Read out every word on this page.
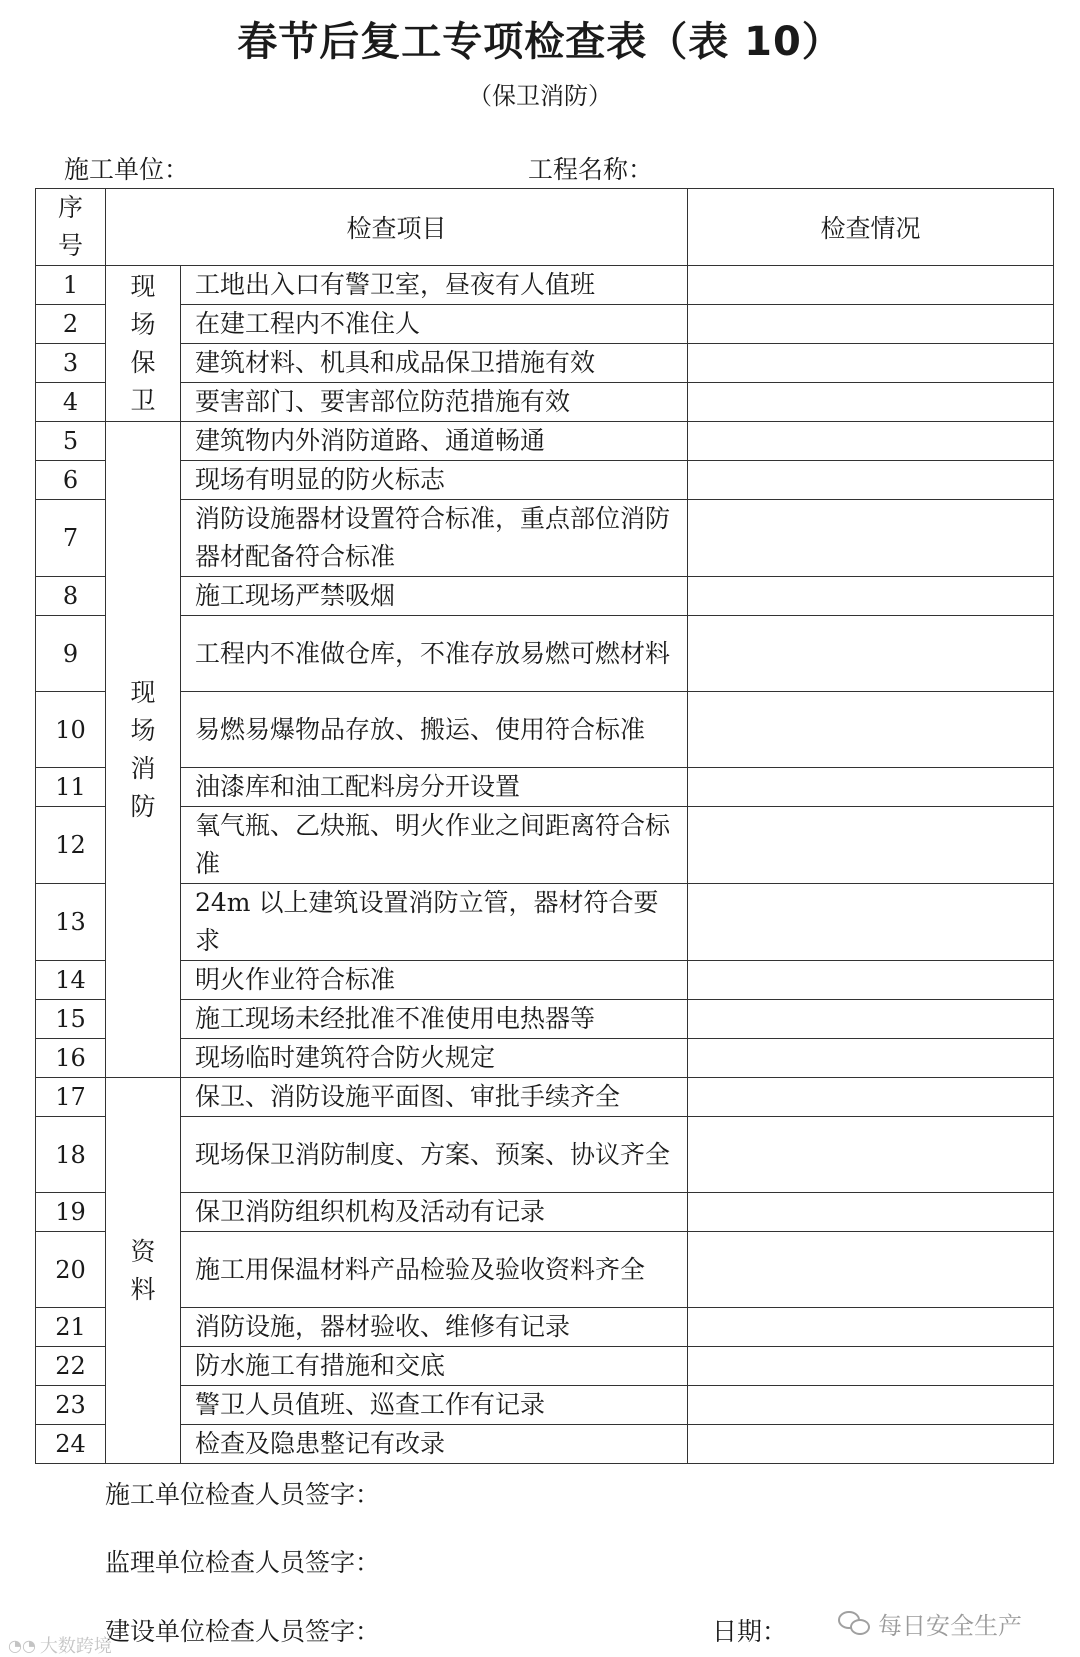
春节后复工专项检查表（表 10）
（保卫消防）
施工单位：	工程名称：
序号	检查项目		检查情况
1	现场保卫	工地出入口有警卫室，昼夜有人值班	
2		在建工程内不准住人	
3		建筑材料、机具和成品保卫措施有效	
4		要害部门、要害部位防范措施有效	
5	现场消防	建筑物内外消防道路、通道畅通	
6		现场有明显的防火标志	
7		消防设施器材设置符合标准，重点部位消防器材配备符合标准	
8		施工现场严禁吸烟	
9		工程内不准做仓库，不准存放易燃可燃材料	
10		易燃易爆物品存放、搬运、使用符合标准	
11		油漆库和油工配料房分开设置	
12		氧气瓶、乙炔瓶、明火作业之间距离符合标准	
13		24m 以上建筑设置消防立管，器材符合要求	
14		明火作业符合标准	
15		施工现场未经批准不准使用电热器等	
16		现场临时建筑符合防火规定	
17	资料	保卫、消防设施平面图、审批手续齐全	
18		现场保卫消防制度、方案、预案、协议齐全	
19		保卫消防组织机构及活动有记录	
20		施工用保温材料产品检验及验收资料齐全	
21		消防设施，器材验收、维修有记录	
22		防水施工有措施和交底	
23		警卫人员值班、巡查工作有记录	
24		检查及隐患整记有改录	
施工单位检查人员签字：
监理单位检查人员签字：
建设单位检查人员签字：	日期：	每日安全生产
◔◔ 大数跨境
